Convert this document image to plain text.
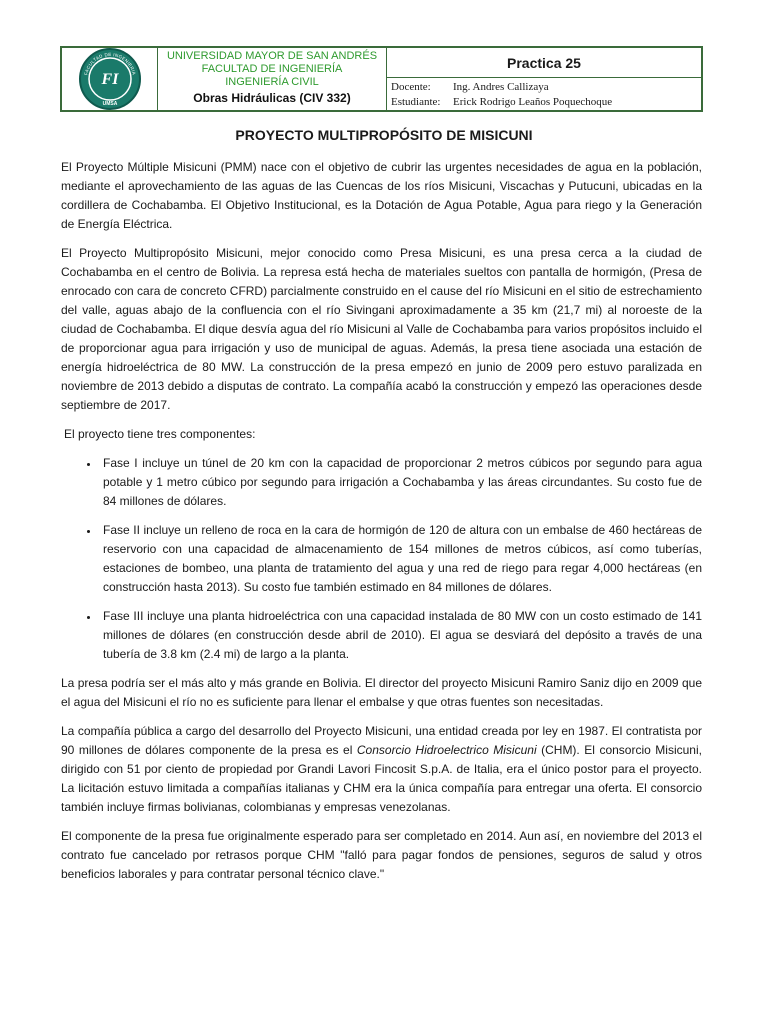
FACULTAD DE INGENIERIA
FI
UMSA
UNIVERSIDAD MAYOR DE SAN ANDRÉS
FACULTAD DE INGENIERÍA
INGENIERÍA CIVIL
Obras Hidráulicas (CIV 332)
Practica 25
Docente: Ing. Andres Callizaya
Estudiante: Erick Rodrigo Leaños Poquechoque
PROYECTO MULTIPROPÓSITO DE MISICUNI

El Proyecto Múltiple Misicuni (PMM) nace con el objetivo de cubrir las urgentes necesidades de agua en la población, mediante el aprovechamiento de las aguas de las Cuencas de los ríos Misicuni, Viscachas y Putucuni, ubicadas en la cordillera de Cochabamba. El Objetivo Institucional, es la Dotación de Agua Potable, Agua para riego y la Generación de Energía Eléctrica.

El Proyecto Multipropósito Misicuni, mejor conocido como Presa Misicuni, es una presa cerca a la ciudad de Cochabamba en el centro de Bolivia. La represa está hecha de materiales sueltos con pantalla de hormigón, (Presa de enrocado con cara de concreto CFRD) parcialmente construido en el cause del río Misicuni en el sitio de estrechamiento del valle, aguas abajo de la confluencia con el río Sivingani aproximadamente a 35 km (21,7 mi) al noroeste de la ciudad de Cochabamba. El dique desvía agua del río Misicuni al Valle de Cochabamba para varios propósitos incluido el de proporcionar agua para irrigación y uso de municipal de aguas. Además, la presa tiene asociada una estación de energía hidroeléctrica de 80 MW. La construcción de la presa empezó en junio de 2009 pero estuvo paralizada en noviembre de 2013 debido a disputas de contrato. La compañía acabó la construcción y empezó las operaciones desde septiembre de 2017.

El proyecto tiene tres componentes:

• Fase I incluye un túnel de 20 km con la capacidad de proporcionar 2 metros cúbicos por segundo para agua potable y 1 metro cúbico por segundo para irrigación a Cochabamba y las áreas circundantes. Su costo fue de 84 millones de dólares.
• Fase II incluye un relleno de roca en la cara de hormigón de 120 de altura con un embalse de 460 hectáreas de reservorio con una capacidad de almacenamiento de 154 millones de metros cúbicos, así como tuberías, estaciones de bombeo, una planta de tratamiento del agua y una red de riego para regar 4,000 hectáreas (en construcción hasta 2013). Su costo fue también estimado en 84 millones de dólares.
• Fase III incluye una planta hidroeléctrica con una capacidad instalada de 80 MW con un costo estimado de 141 millones de dólares (en construcción desde abril de 2010). El agua se desviará del depósito a través de una tubería de 3.8 km (2.4 mi) de largo a la planta.

La presa podría ser el más alto y más grande en Bolivia. El director del proyecto Misicuni Ramiro Saniz dijo en 2009 que el agua del Misicuni el río no es suficiente para llenar el embalse y que otras fuentes son necesitadas.

La compañía pública a cargo del desarrollo del Proyecto Misicuni, una entidad creada por ley en 1987. El contratista por 90 millones de dólares componente de la presa es el Consorcio Hidroelectrico Misicuni (CHM). El consorcio Misicuni, dirigido con 51 por ciento de propiedad por Grandi Lavori Fincosit S.p.A. de Italia, era el único postor para el proyecto. La licitación estuvo limitada a compañías italianas y CHM era la única compañía para entregar una oferta. El consorcio también incluye firmas bolivianas, colombianas y empresas venezolanas.

El componente de la presa fue originalmente esperado para ser completado en 2014. Aun así, en noviembre del 2013 el contrato fue cancelado por retrasos porque CHM "falló para pagar fondos de pensiones, seguros de salud y otros beneficios laborales y para contratar personal técnico clave."
